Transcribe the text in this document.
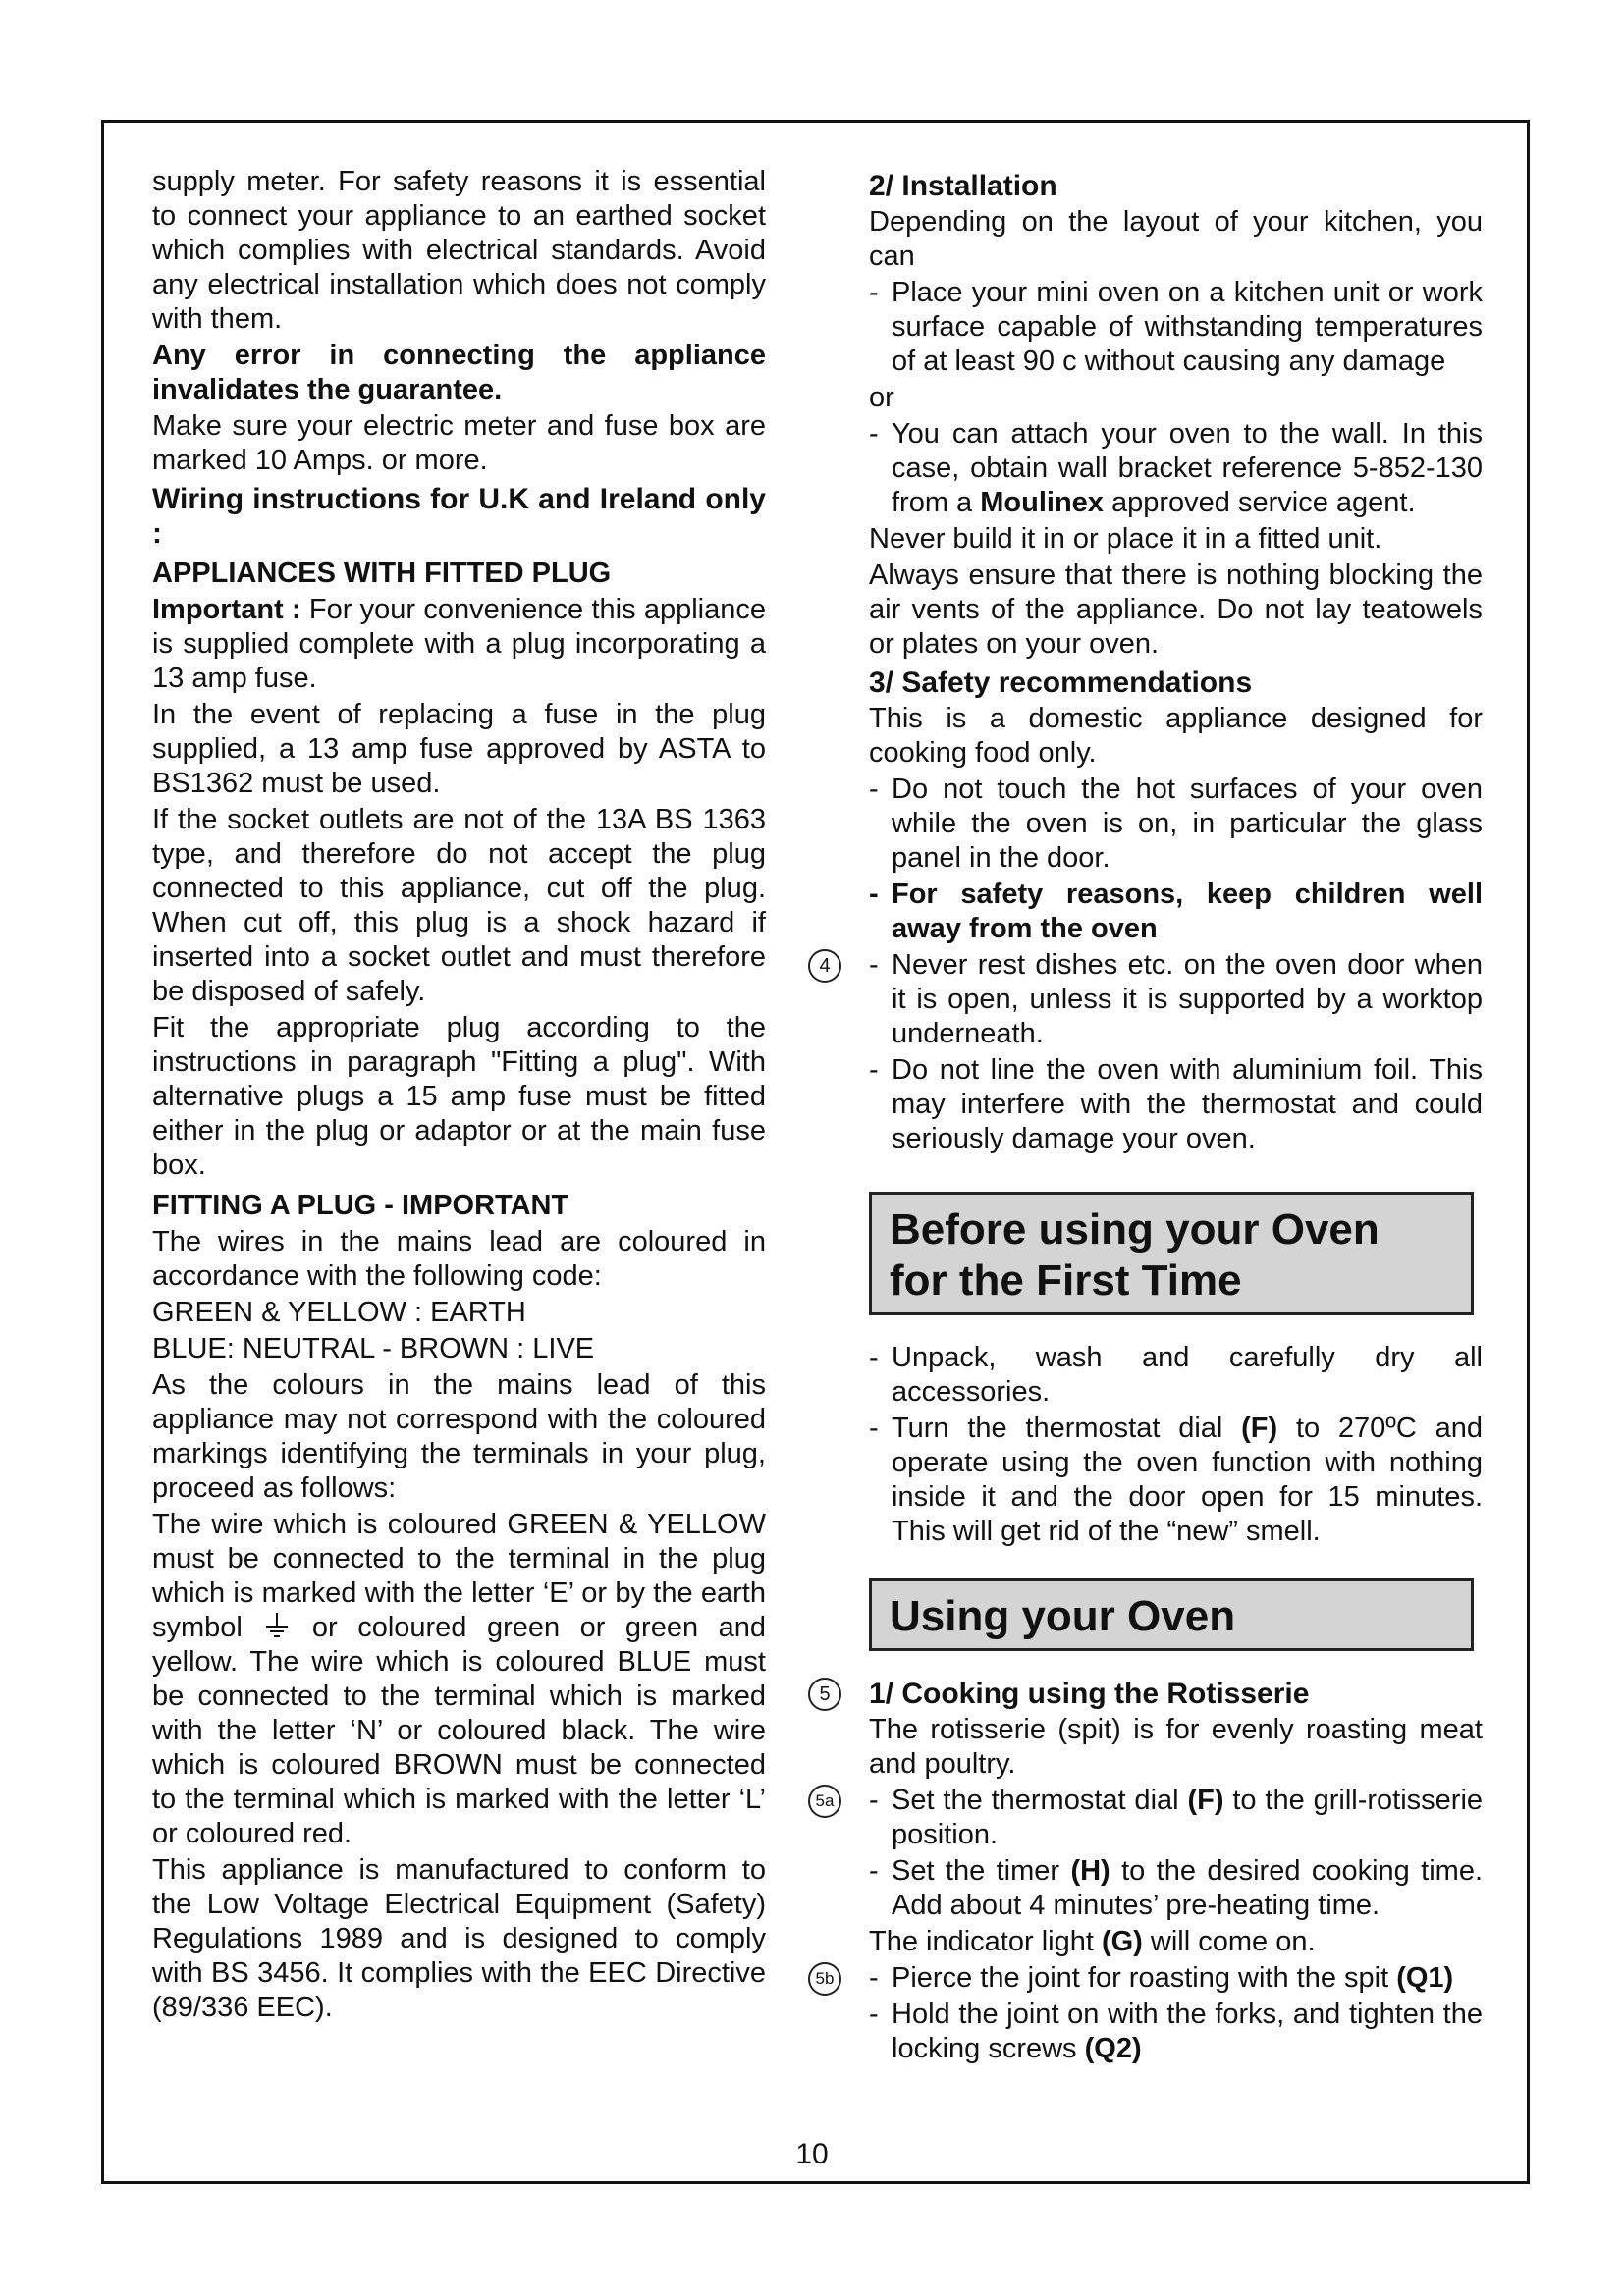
supply meter. For safety reasons it is essential to connect your appliance to an earthed socket which complies with electrical standards. Avoid any electrical installation which does not comply with them.

Any error in connecting the appliance invalidates the guarantee.

Make sure your electric meter and fuse box are marked 10 Amps. or more.

Wiring instructions for U.K and Ireland only :

APPLIANCES WITH FITTED PLUG

Important : For your convenience this appliance is supplied complete with a plug incorporating a 13 amp fuse.

In the event of replacing a fuse in the plug supplied, a 13 amp fuse approved by ASTA to BS1362 must be used.

If the socket outlets are not of the 13A BS 1363 type, and therefore do not accept the plug connected to this appliance, cut off the plug. When cut off, this plug is a shock hazard if inserted into a socket outlet and must therefore be disposed of safely.

Fit the appropriate plug according to the instructions in paragraph "Fitting a plug". With alternative plugs a 15 amp fuse must be fitted either in the plug or adaptor or at the main fuse box.

FITTING A PLUG - IMPORTANT

The wires in the mains lead are coloured in accordance with the following code:

GREEN & YELLOW : EARTH

BLUE: NEUTRAL - BROWN : LIVE

As the colours in the mains lead of this appliance may not correspond with the coloured markings identifying the terminals in your plug, proceed as follows:

The wire which is coloured GREEN & YELLOW must be connected to the terminal in the plug which is marked with the letter ‘E’ or by the earth symbol or coloured green or green and yellow. The wire which is coloured BLUE must be connected to the terminal which is marked with the letter ‘N’ or coloured black. The wire which is coloured BROWN must be connected to the terminal which is marked with the letter ‘L’ or coloured red.

This appliance is manufactured to conform to the Low Voltage Electrical Equipment (Safety) Regulations 1989 and is designed to comply with BS 3456. It complies with the EEC Directive (89/336 EEC).

2/ Installation

Depending on the layout of your kitchen, you can

- Place your mini oven on a kitchen unit or work surface capable of withstanding temperatures of at least 90 c without causing any damage

or

- You can attach your oven to the wall. In this case, obtain wall bracket reference 5-852-130 from a Moulinex approved service agent.

Never build it in or place it in a fitted unit.

Always ensure that there is nothing blocking the air vents of the appliance. Do not lay teatowels or plates on your oven.

3/ Safety recommendations

This is a domestic appliance designed for cooking food only.

- Do not touch the hot surfaces of your oven while the oven is on, in particular the glass panel in the door.
- For safety reasons, keep children well away from the oven
4	- Never rest dishes etc. on the oven door when it is open, unless it is supported by a worktop underneath.
- Do not line the oven with aluminium foil. This may interfere with the thermostat and could seriously damage your oven.
Before using your Oven
for the First Time
- Unpack, wash and carefully dry all accessories.
- Turn the thermostat dial (F) to 270ºC and operate using the oven function with nothing inside it and the door open for 15 minutes. This will get rid of the “new” smell.
Using your Oven

5	1/ Cooking using the Rotisserie

The rotisserie (spit) is for evenly roasting meat and poultry.

5a - Set the thermostat dial (F) to the grill-rotisserie position.
- Set the timer (H) to the desired cooking time. Add about 4 minutes’ pre-heating time.

The indicator light (G) will come on.

5b - Pierce the joint for roasting with the spit (Q1)
- Hold the joint on with the forks, and tighten the locking screws (Q2)
10
